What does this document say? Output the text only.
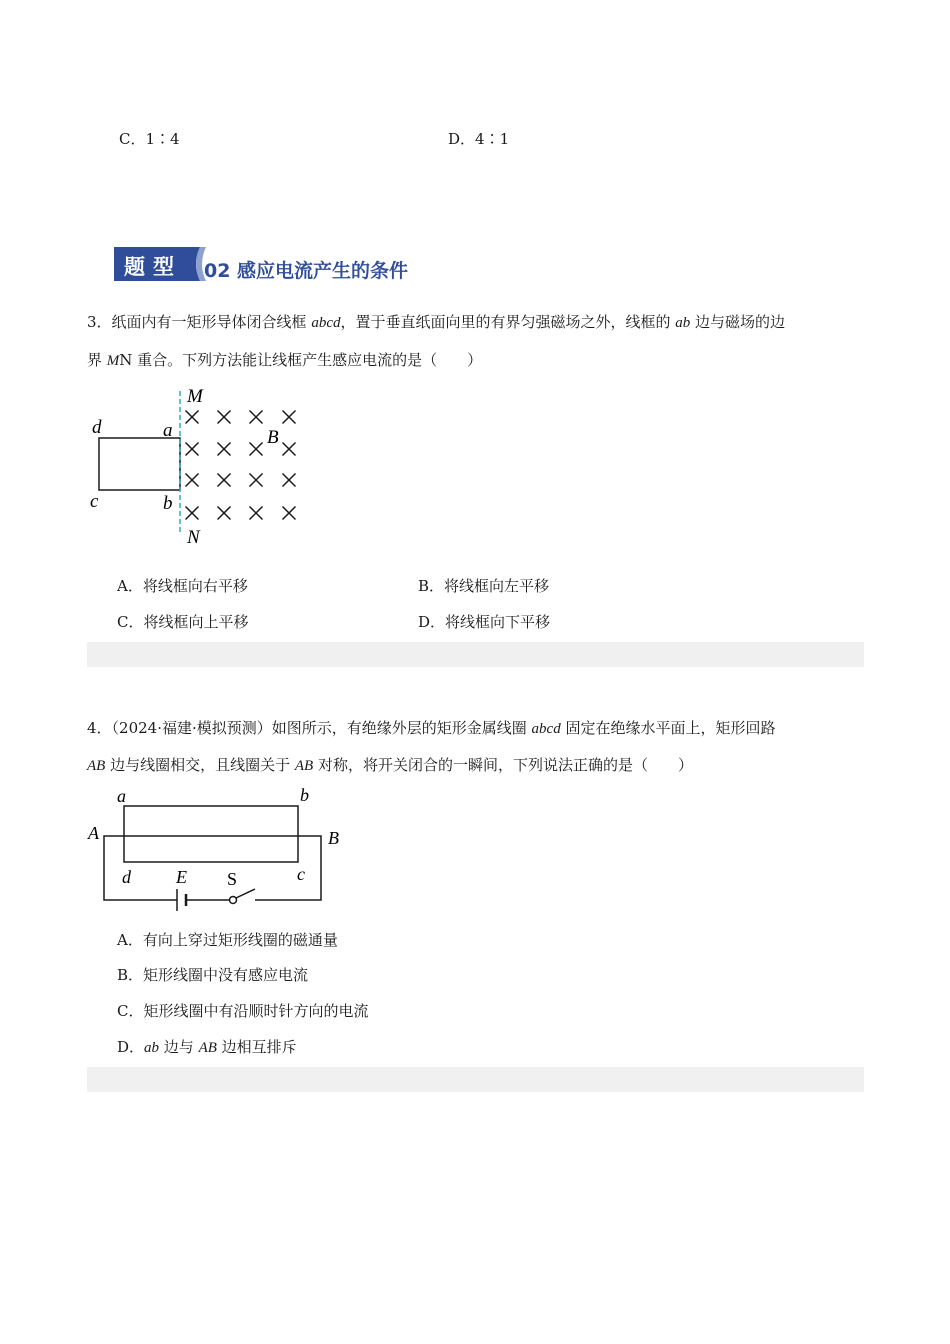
C．1∶4	D．4∶1
题型 02 感应电流产生的条件
3．纸面内有一矩形导体闭合线框 abcd，置于垂直纸面向里的有界匀强磁场之外，线框的 ab 边与磁场的边
界 MN 重合。下列方法能让线框产生感应电流的是（　　）
M
N
d	a
c	b
B
A．将线框向右平移	B．将线框向左平移
C．将线框向上平移	D．将线框向下平移
4．（2024·福建·模拟预测）如图所示，有绝缘外层的矩形金属线圈 abcd 固定在绝缘水平面上，矩形回路
AB 边与线圈相交，且线圈关于 AB 对称，将开关闭合的一瞬间，下列说法正确的是（　　）
a	b
A	B
d	c
E S
A．有向上穿过矩形线圈的磁通量
B．矩形线圈中没有感应电流
C．矩形线圈中有沿顺时针方向的电流
D．ab 边与 AB 边相互排斥
